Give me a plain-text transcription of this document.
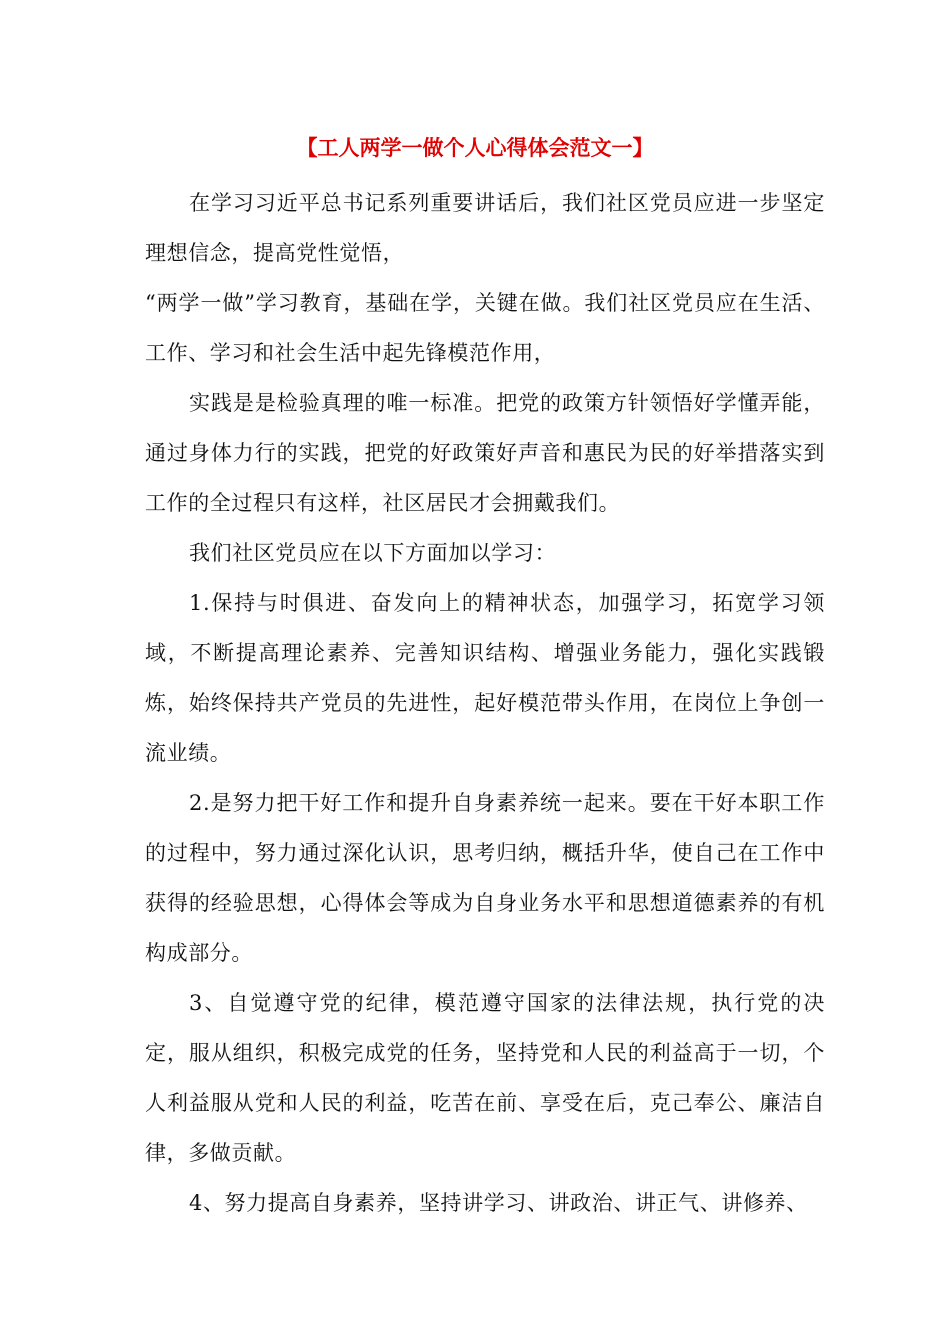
【工人两学一做个人心得体会范文一】

在学习习近平总书记系列重要讲话后，我们社区党员应进一步坚定理想信念，提高党性觉悟，

“两学一做”学习教育，基础在学，关键在做。我们社区党员应在生活、工作、学习和社会生活中起先锋模范作用，

实践是是检验真理的唯一标准。把党的政策方针领悟好学懂弄能，通过身体力行的实践，把党的好政策好声音和惠民为民的好举措落实到工作的全过程只有这样，社区居民才会拥戴我们。

我们社区党员应在以下方面加以学习：

1.保持与时俱进、奋发向上的精神状态，加强学习，拓宽学习领域，不断提高理论素养、完善知识结构、增强业务能力，强化实践锻炼，始终保持共产党员的先进性，起好模范带头作用，在岗位上争创一流业绩。

2.是努力把干好工作和提升自身素养统一起来。要在干好本职工作的过程中，努力通过深化认识，思考归纳，概括升华，使自己在工作中获得的经验思想，心得体会等成为自身业务水平和思想道德素养的有机构成部分。

3、自觉遵守党的纪律，模范遵守国家的法律法规，执行党的决定，服从组织，积极完成党的任务，坚持党和人民的利益高于一切，个人利益服从党和人民的利益，吃苦在前、享受在后，克己奉公、廉洁自律，多做贡献。

4、努力提高自身素养，坚持讲学习、讲政治、讲正气、讲修养、
